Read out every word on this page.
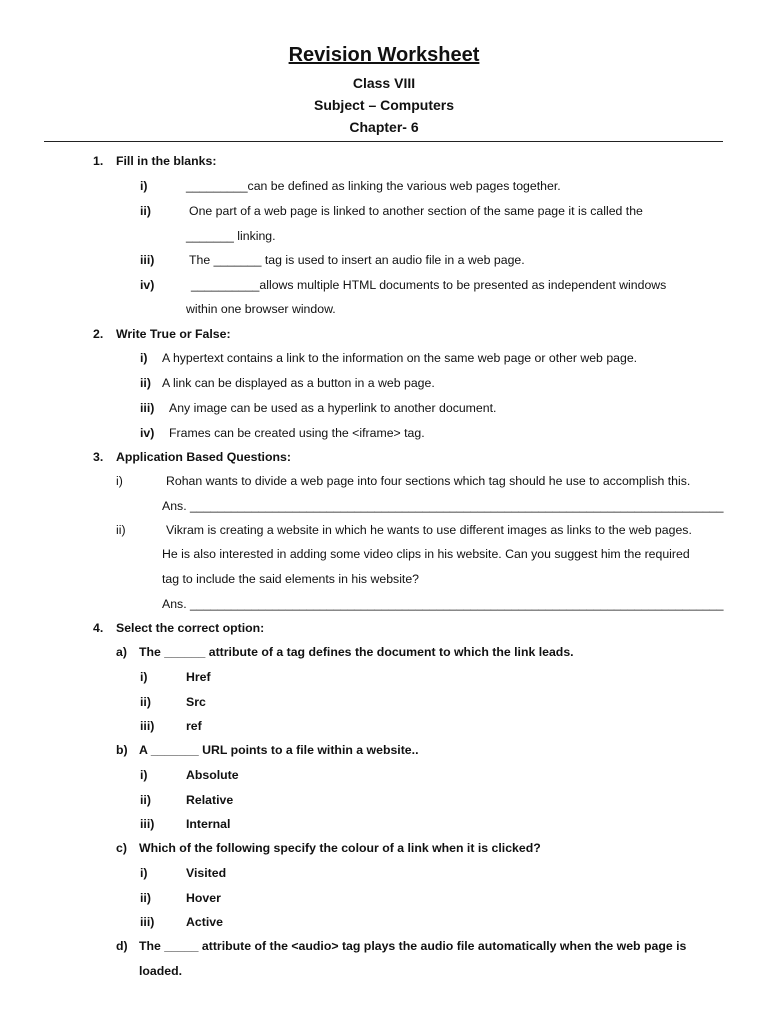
Revision Worksheet
Class VIII
Subject – Computers
Chapter- 6
1. Fill in the blanks:
i)	_________can be defined as linking the various web pages together.
ii)	One part of a web page is linked to another section of the same page it is called the
_______ linking.
iii)	The _______ tag is used to insert an audio file in a web page.
iv)	__________allows multiple HTML documents to be presented as independent windows
within one browser window.
2. Write True or False:
i) A hypertext contains a link to the information on the same web page or other web page.
ii) A link can be displayed as a button in a web page.
iii) Any image can be used as a hyperlink to another document.
iv) Frames can be created using the <iframe> tag.
3. Application Based Questions:
i)	Rohan wants to divide a web page into four sections which tag should he use to accomplish this.
Ans. ______________________________________________________________________________
ii)	Vikram is creating a website in which he wants to use different images as links to the web pages.
He is also interested in adding some video clips in his website. Can you suggest him the required
tag to include the said elements in his website?
Ans. ______________________________________________________________________________
4. Select the correct option:
a) The ______ attribute of a tag defines the document to which the link leads.
i)	Href
ii)	Src
iii)	ref
b) A _______ URL points to a file within a website..
i)	Absolute
ii)	Relative
iii)	Internal
c) Which of the following specify the colour of a link when it is clicked?
i)	Visited
ii)	Hover
iii)	Active
d) The _____ attribute of the <audio> tag plays the audio file automatically when the web page is
loaded.
